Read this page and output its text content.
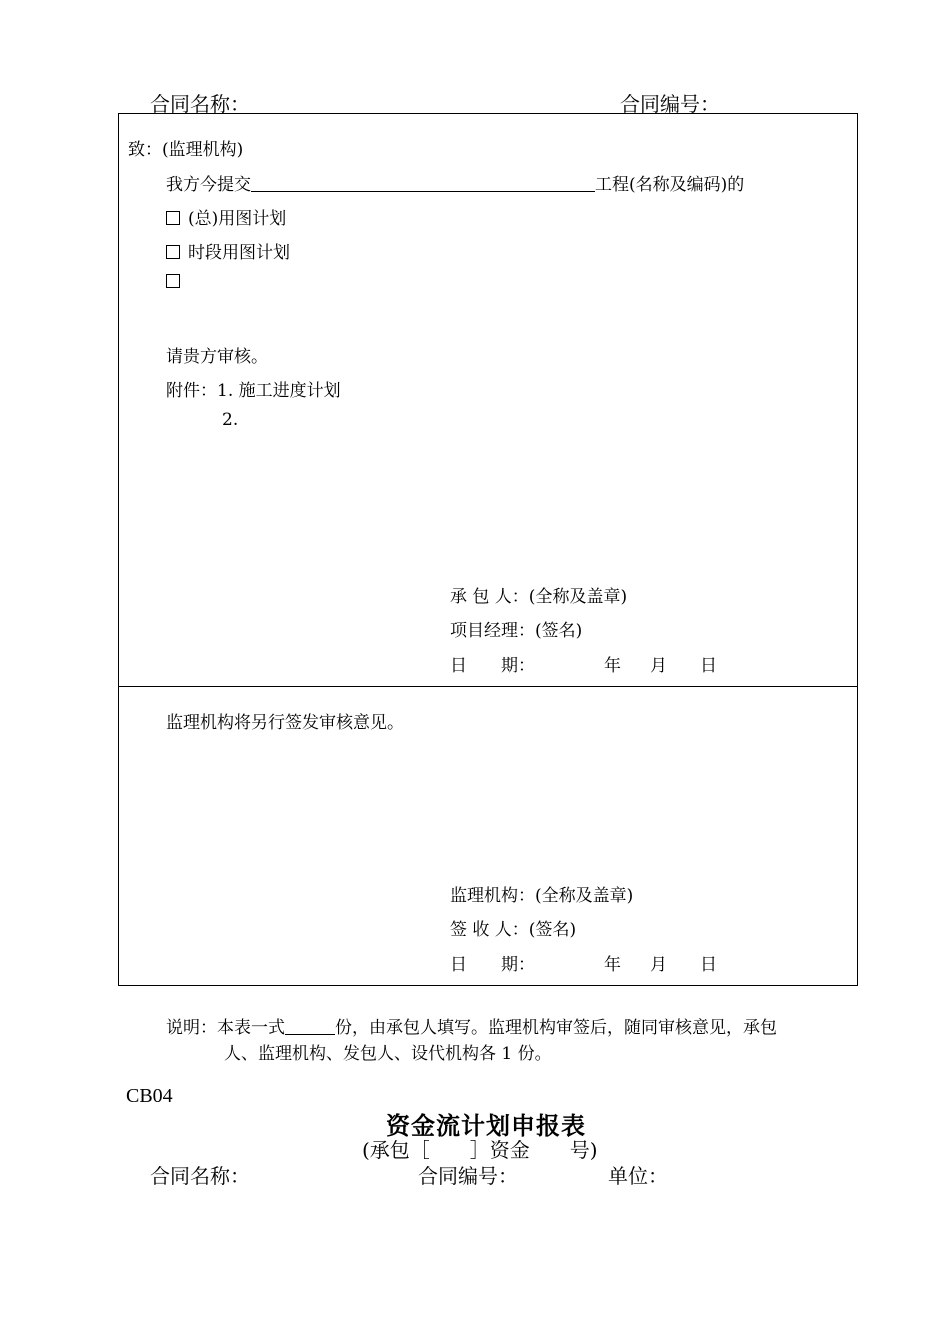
合同名称：	合同编号：
致：(监理机构)
我方今提交	工程(名称及编码)的
(总)用图计划
时段用图计划
请贵方审核。
附件：1. 施工进度计划
2.
承 包 人：(全称及盖章)
项目经理：(签名)
日　　期：	年 月 日
监理机构将另行签发审核意见。
监理机构：(全称及盖章)
签 收 人：(签名)
日　　期：	年 月 日
说明：本表一式	份，由承包人填写。监理机构审签后，随同审核意见，承包
人、监理机构、发包人、设代机构各 1 份。
CB04
资金流计划申报表
(承包［　　］资金　　号)
合同名称：	合同编号：	单位：
